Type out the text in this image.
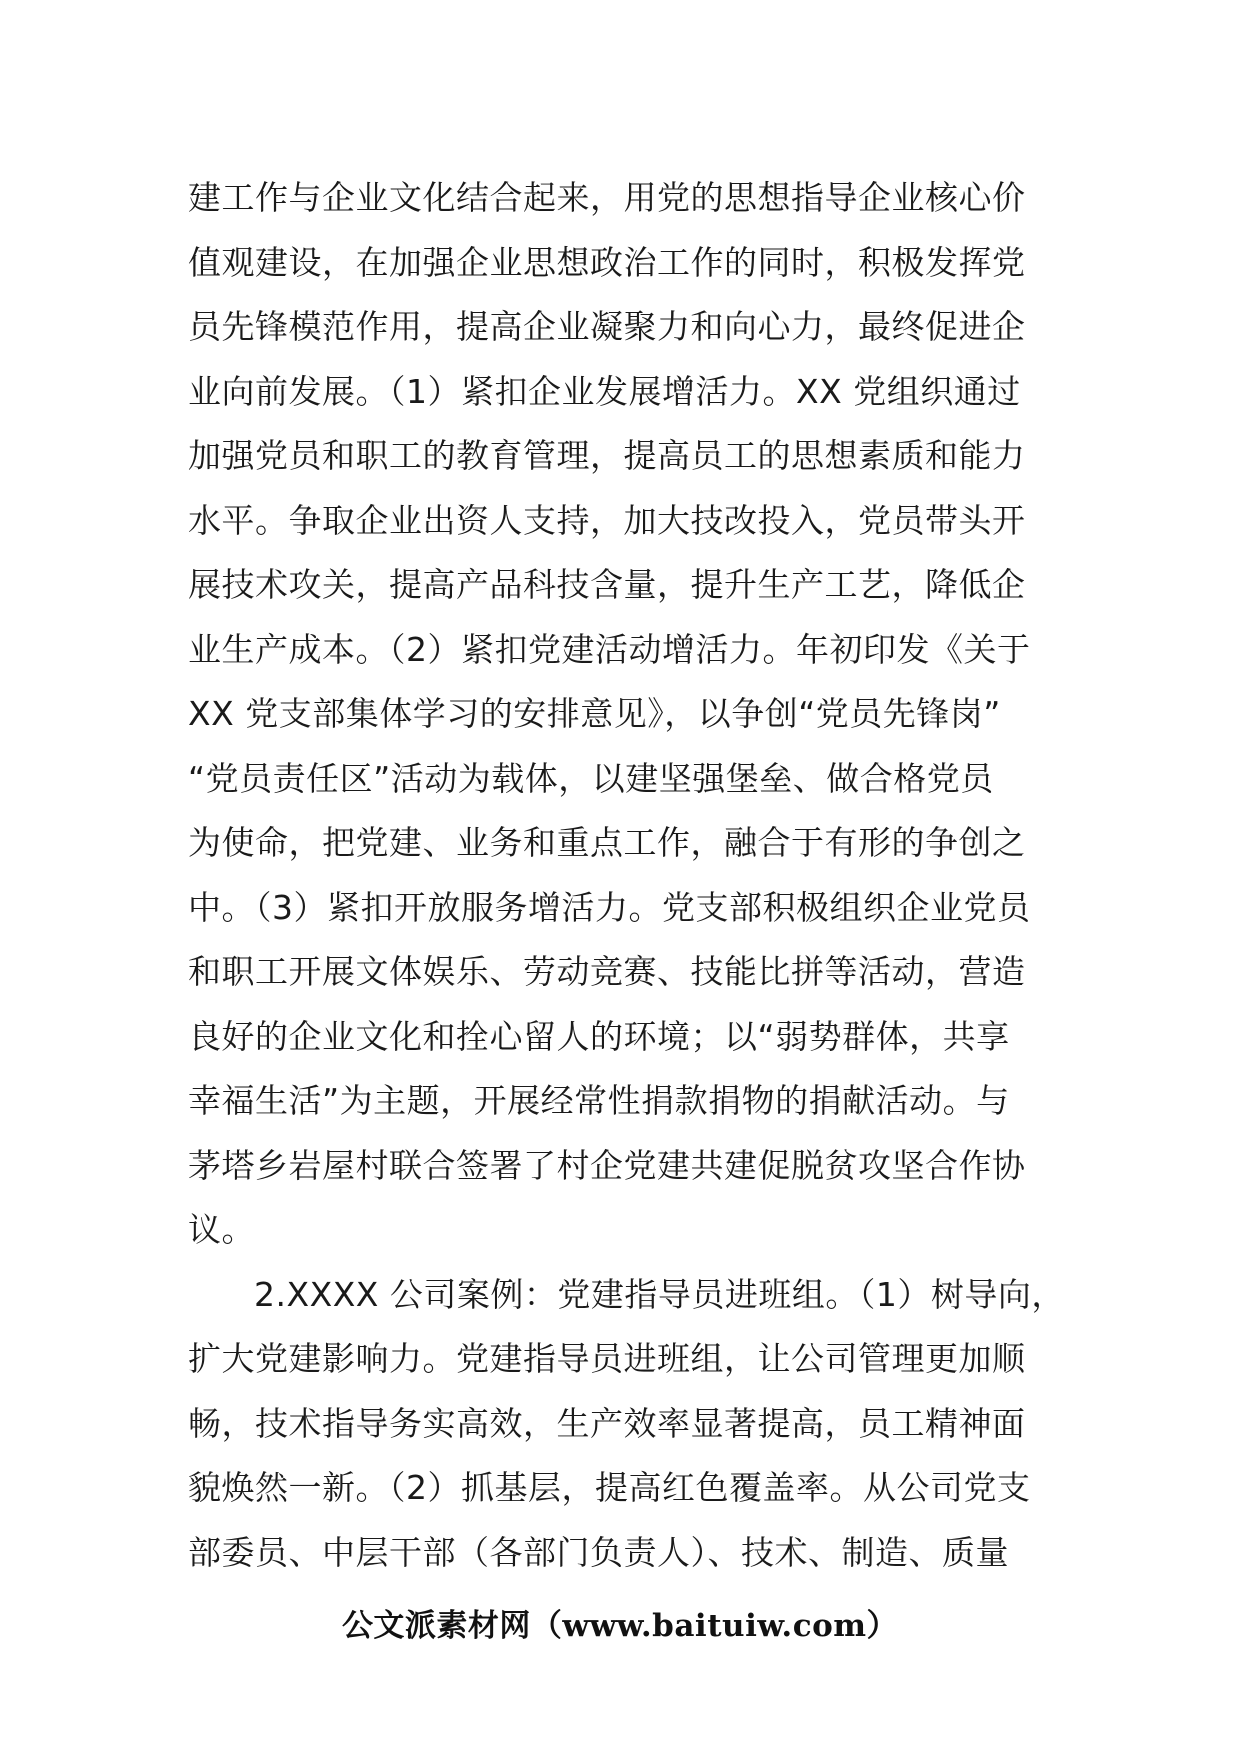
建工作与企业文化结合起来，用党的思想指导企业核心价
值观建设，在加强企业思想政治工作的同时，积极发挥党
员先锋模范作用，提高企业凝聚力和向心力，最终促进企
业向前发展。（1）紧扣企业发展增活力。XX 党组织通过
加强党员和职工的教育管理，提高员工的思想素质和能力
水平。争取企业出资人支持，加大技改投入，党员带头开
展技术攻关，提高产品科技含量，提升生产工艺，降低企
业生产成本。（2）紧扣党建活动增活力。年初印发《关于
XX 党支部集体学习的安排意见》，以争创“党员先锋岗”
“党员责任区”活动为载体，以建坚强堡垒、做合格党员
为使命，把党建、业务和重点工作，融合于有形的争创之
中。（3）紧扣开放服务增活力。党支部积极组织企业党员
和职工开展文体娱乐、劳动竞赛、技能比拼等活动，营造
良好的企业文化和拴心留人的环境；以“弱势群体，共享
幸福生活”为主题，开展经常性捐款捐物的捐献活动。与
茅塔乡岩屋村联合签署了村企党建共建促脱贫攻坚合作协
议。
2.XXXX 公司案例：党建指导员进班组。（1）树导向，
扩大党建影响力。党建指导员进班组，让公司管理更加顺
畅，技术指导务实高效，生产效率显著提高，员工精神面
貌焕然一新。（2）抓基层，提高红色覆盖率。从公司党支
部委员、中层干部（各部门负责人）、技术、制造、质量
公文派素材网（www.baituiw.com）
